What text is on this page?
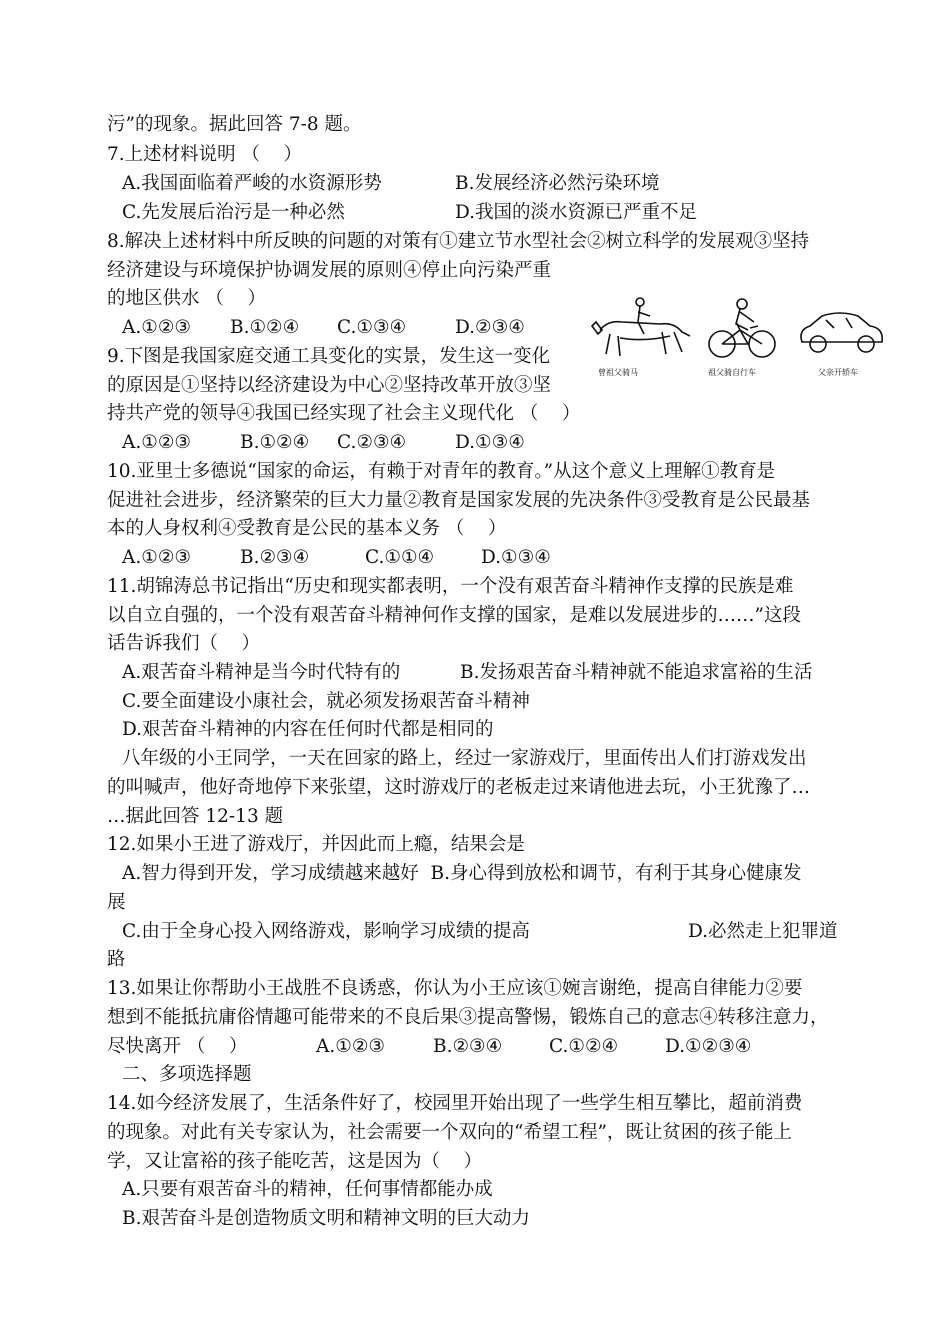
污”的现象。据此回答 7-8 题。
7.上述材料说明 （    ）
A.我国面临着严峻的水资源形势	B.发展经济必然污染环境
C.先发展后治污是一种必然	D.我国的淡水资源已严重不足
8.解决上述材料中所反映的问题的对策有①建立节水型社会②树立科学的发展观③坚持
经济建设与环境保护协调发展的原则④停止向污染严重
的地区供水 （    ）
A.①②③ B.①②④ C.①③④	D.②③④
9.下图是我国家庭交通工具变化的实景，发生这一变化
的原因是①坚持以经济建设为中心②坚持改革开放③坚
持共产党的领导④我国已经实现了社会主义现代化 （    ）
A.①②③	B.①②④ C.②③④	D.①③④
曾祖父骑马	祖父骑自行车	父亲开轿车
10.亚里士多德说“国家的命运，有赖于对青年的教育。”从这个意义上理解①教育是
促进社会进步，经济繁荣的巨大力量②教育是国家发展的先决条件③受教育是公民最基
本的人身权利④受教育是公民的基本义务 （    ）
A.①②③	B.②③④	C.①①④	D.①③④
11.胡锦涛总书记指出“历史和现实都表明，一个没有艰苦奋斗精神作支撑的民族是难
以自立自强的，一个没有艰苦奋斗精神何作支撑的国家，是难以发展进步的……”这段
话告诉我们（    ）
A.艰苦奋斗精神是当今时代特有的	B.发扬艰苦奋斗精神就不能追求富裕的生活
C.要全面建设小康社会，就必须发扬艰苦奋斗精神
D.艰苦奋斗精神的内容在任何时代都是相同的
八年级的小王同学，一天在回家的路上，经过一家游戏厅，里面传出人们打游戏发出
的叫喊声，他好奇地停下来张望，这时游戏厅的老板走过来请他进去玩，小王犹豫了…
…据此回答 12-13 题
12.如果小王进了游戏厅，并因此而上瘾，结果会是
A.智力得到开发，学习成绩越来越好  B.身心得到放松和调节，有利于其身心健康发
展
C.由于全身心投入网络游戏，影响学习成绩的提高	D.必然走上犯罪道
路
13.如果让你帮助小王战胜不良诱惑，你认为小王应该①婉言谢绝，提高自律能力②要
想到不能抵抗庸俗情趣可能带来的不良后果③提高警惕，锻炼自己的意志④转移注意力，
尽快离开 （    ）	A.①②③	B.②③④	C.①②④	D.①②③④
二、多项选择题
14.如今经济发展了，生活条件好了，校园里开始出现了一些学生相互攀比，超前消费
的现象。对此有关专家认为，社会需要一个双向的“希望工程”，既让贫困的孩子能上
学，又让富裕的孩子能吃苦，这是因为（    ）
A.只要有艰苦奋斗的精神，任何事情都能办成
B.艰苦奋斗是创造物质文明和精神文明的巨大动力
